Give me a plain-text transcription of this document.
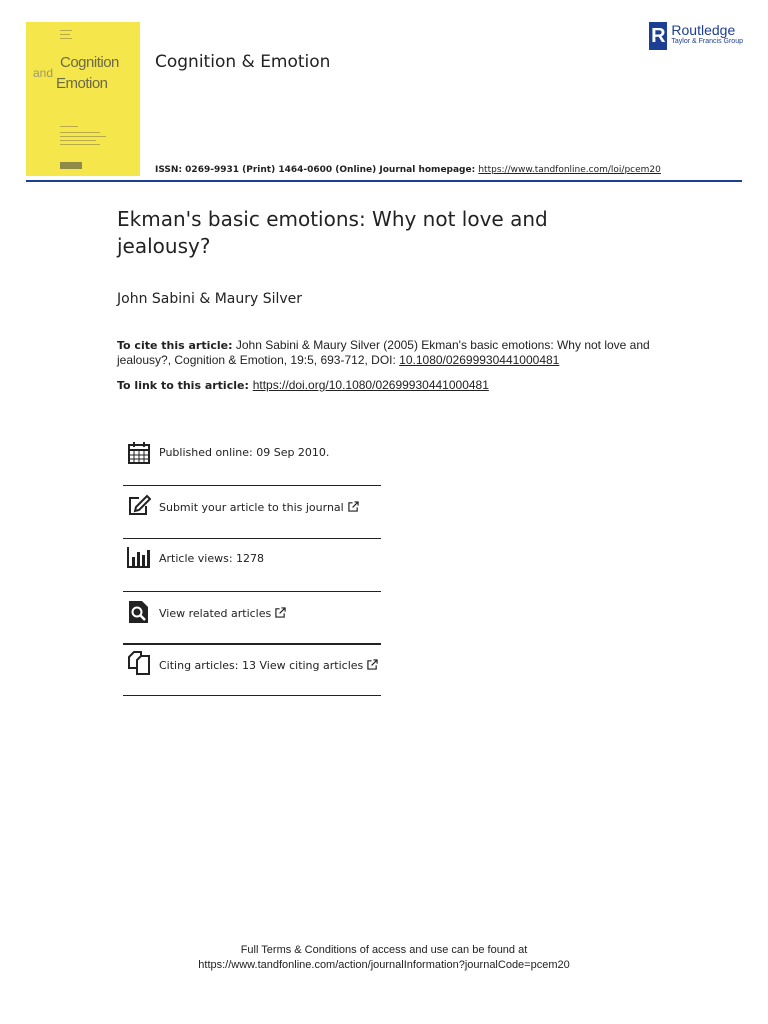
Cognition
and
Emotion
Cognition & Emotion
R Routledge
Taylor & Francis Group
ISSN: 0269-9931 (Print) 1464-0600 (Online) Journal homepage: https://www.tandfonline.com/loi/pcem20
Ekman's basic emotions: Why not love and jealousy?
John Sabini & Maury Silver
To cite this article: John Sabini & Maury Silver (2005) Ekman's basic emotions: Why not love and jealousy?, Cognition & Emotion, 19:5, 693-712, DOI: 10.1080/02699930441000481
To link to this article: https://doi.org/10.1080/02699930441000481
Published online: 09 Sep 2010.
Submit your article to this journal
Article views: 1278
View related articles
Citing articles: 13 View citing articles
Full Terms & Conditions of access and use can be found at
https://www.tandfonline.com/action/journalInformation?journalCode=pcem20
